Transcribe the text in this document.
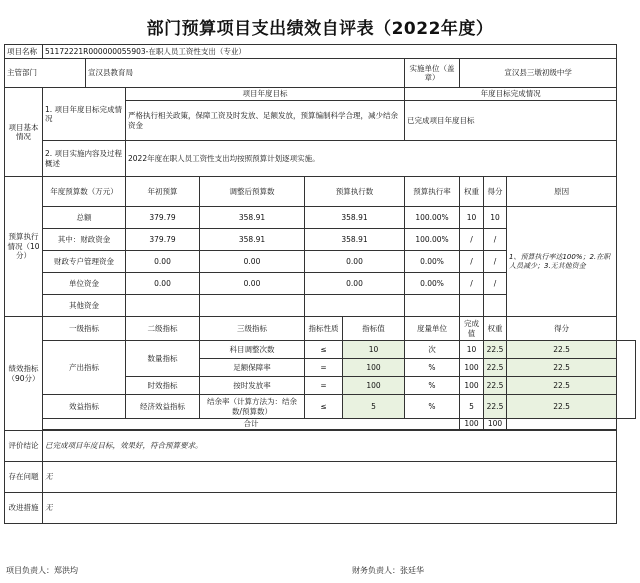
部门预算项目支出绩效自评表（2022年度）
项目名称	51172221R000000055903-在职人员工资性支出（专业）										
主管部门		宣汉县教育局					实施单位（盖章）	宣汉县三墩初级中学			
项目基本情况	1. 项目年度目标完成情况		项目年度目标				年度目标完成情况				
			严格执行相关政策，保障工资及时发放、足额发放，预算编制科学合理，减少结余资金				已完成项目年度目标				
	2. 项目实施内容及过程概述		2022年度在职人员工资性支出均按照预算计划逐项实施。								
预算执行情况（10分）	年度预算数（万元）		年初预算	调整后预算数	预算执行数		预算执行率	权重	得分	原因	
	总额		379.79	358.91	358.91		100.00%	10	10	1、预算执行率达100%；2.在职人员减少；3.无其他资金	
	其中：财政资金		379.79	358.91	358.91		100.00%	/	/		
	财政专户管理资金		0.00	0.00	0.00		0.00%	/	/		
	单位资金		0.00	0.00	0.00		0.00%	/	/		
	其他资金										
绩效指标（90分）	一级指标		二级指标	三级指标	指标性质	指标值	度量单位	完成值	权重	得分	
	产出指标		数量指标	科目调整次数	≤	10	次	10	22.5	22.5	
				足额保障率	=	100	%	100	22.5	22.5	
			时效指标	按时发放率	=	100	%	100	22.5	22.5	
	效益指标		经济效益指标	结余率（计算方法为：结余数/预算数）	≤	5	%	5	22.5	22.5	
	合计							100	100		

评价结论	已完成项目年度目标，效果好，符合预算要求。										
存在问题	无										
改进措施	无										
项目负责人：郑洪均	财务负责人：张廷华
